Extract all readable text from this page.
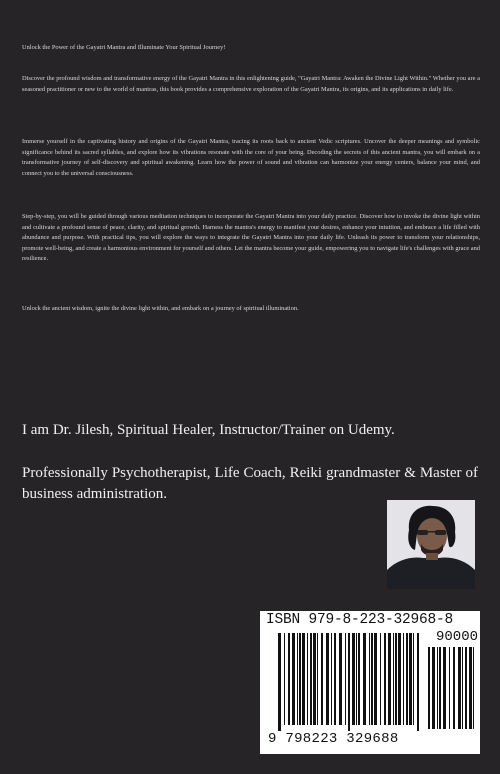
Unlock the Power of the Gayatri Mantra and Illuminate Your Spiritual Journey!

Discover the profound wisdom and transformative energy of the Gayatri Mantra in this enlightening guide, "Gayatri Mantra: Awaken the Divine Light Within." Whether you are a seasoned practitioner or new to the world of mantras, this book provides a comprehensive exploration of the Gayatri Mantra, its origins, and its applications in daily life.

Immerse yourself in the captivating history and origins of the Gayatri Mantra, tracing its roots back to ancient Vedic scriptures. Uncover the deeper meanings and symbolic significance behind its sacred syllables, and explore how its vibrations resonate with the core of your being. Decoding the secrets of this ancient mantra, you will embark on a transformative journey of self-discovery and spiritual awakening. Learn how the power of sound and vibration can harmonize your energy centers, balance your mind, and connect you to the universal consciousness.

Step-by-step, you will be guided through various meditation techniques to incorporate the Gayatri Mantra into your daily practice. Discover how to invoke the divine light within and cultivate a profound sense of peace, clarity, and spiritual growth. Harness the mantra's energy to manifest your desires, enhance your intuition, and embrace a life filled with abundance and purpose. With practical tips, you will explore the ways to integrate the Gayatri Mantra into your daily life. Unleash its power to transform your relationships, promote well-being, and create a harmonious environment for yourself and others. Let the mantra become your guide, empowering you to navigate life's challenges with grace and resilience.

Unlock the ancient wisdom, ignite the divine light within, and embark on a journey of spiritual illumination.

I am Dr. Jilesh, Spiritual Healer, Instructor/Trainer on Udemy.

Professionally Psychotherapist, Life Coach, Reiki grandmaster & Master of business administration.

ISBN 979-8-223-32968-8
90000
9 798223 329688
